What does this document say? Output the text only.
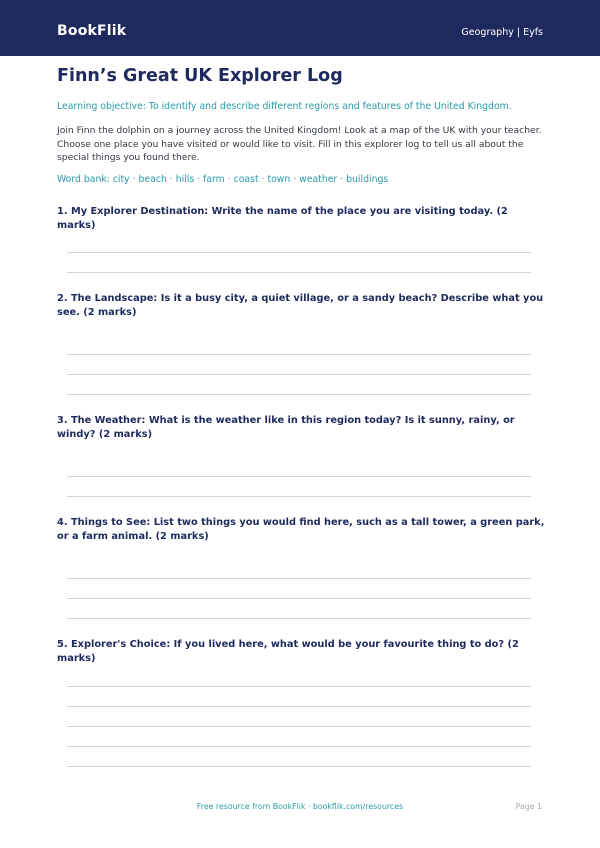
BookFlik	Geography | Eyfs
Finn’s Great UK Explorer Log
Learning objective: To identify and describe different regions and features of the United Kingdom.
Join Finn the dolphin on a journey across the United Kingdom! Look at a map of the UK with your teacher. Choose one place you have visited or would like to visit. Fill in this explorer log to tell us all about the special things you found there.
Word bank: city · beach · hills · farm · coast · town · weather · buildings
1. My Explorer Destination: Write the name of the place you are visiting today. (2 marks)
2. The Landscape: Is it a busy city, a quiet village, or a sandy beach? Describe what you see. (2 marks)
3. The Weather: What is the weather like in this region today? Is it sunny, rainy, or windy? (2 marks)
4. Things to See: List two things you would find here, such as a tall tower, a green park, or a farm animal. (2 marks)
5. Explorer's Choice: If you lived here, what would be your favourite thing to do? (2 marks)
Free resource from BookFlik · bookflik.com/resources	Page 1
